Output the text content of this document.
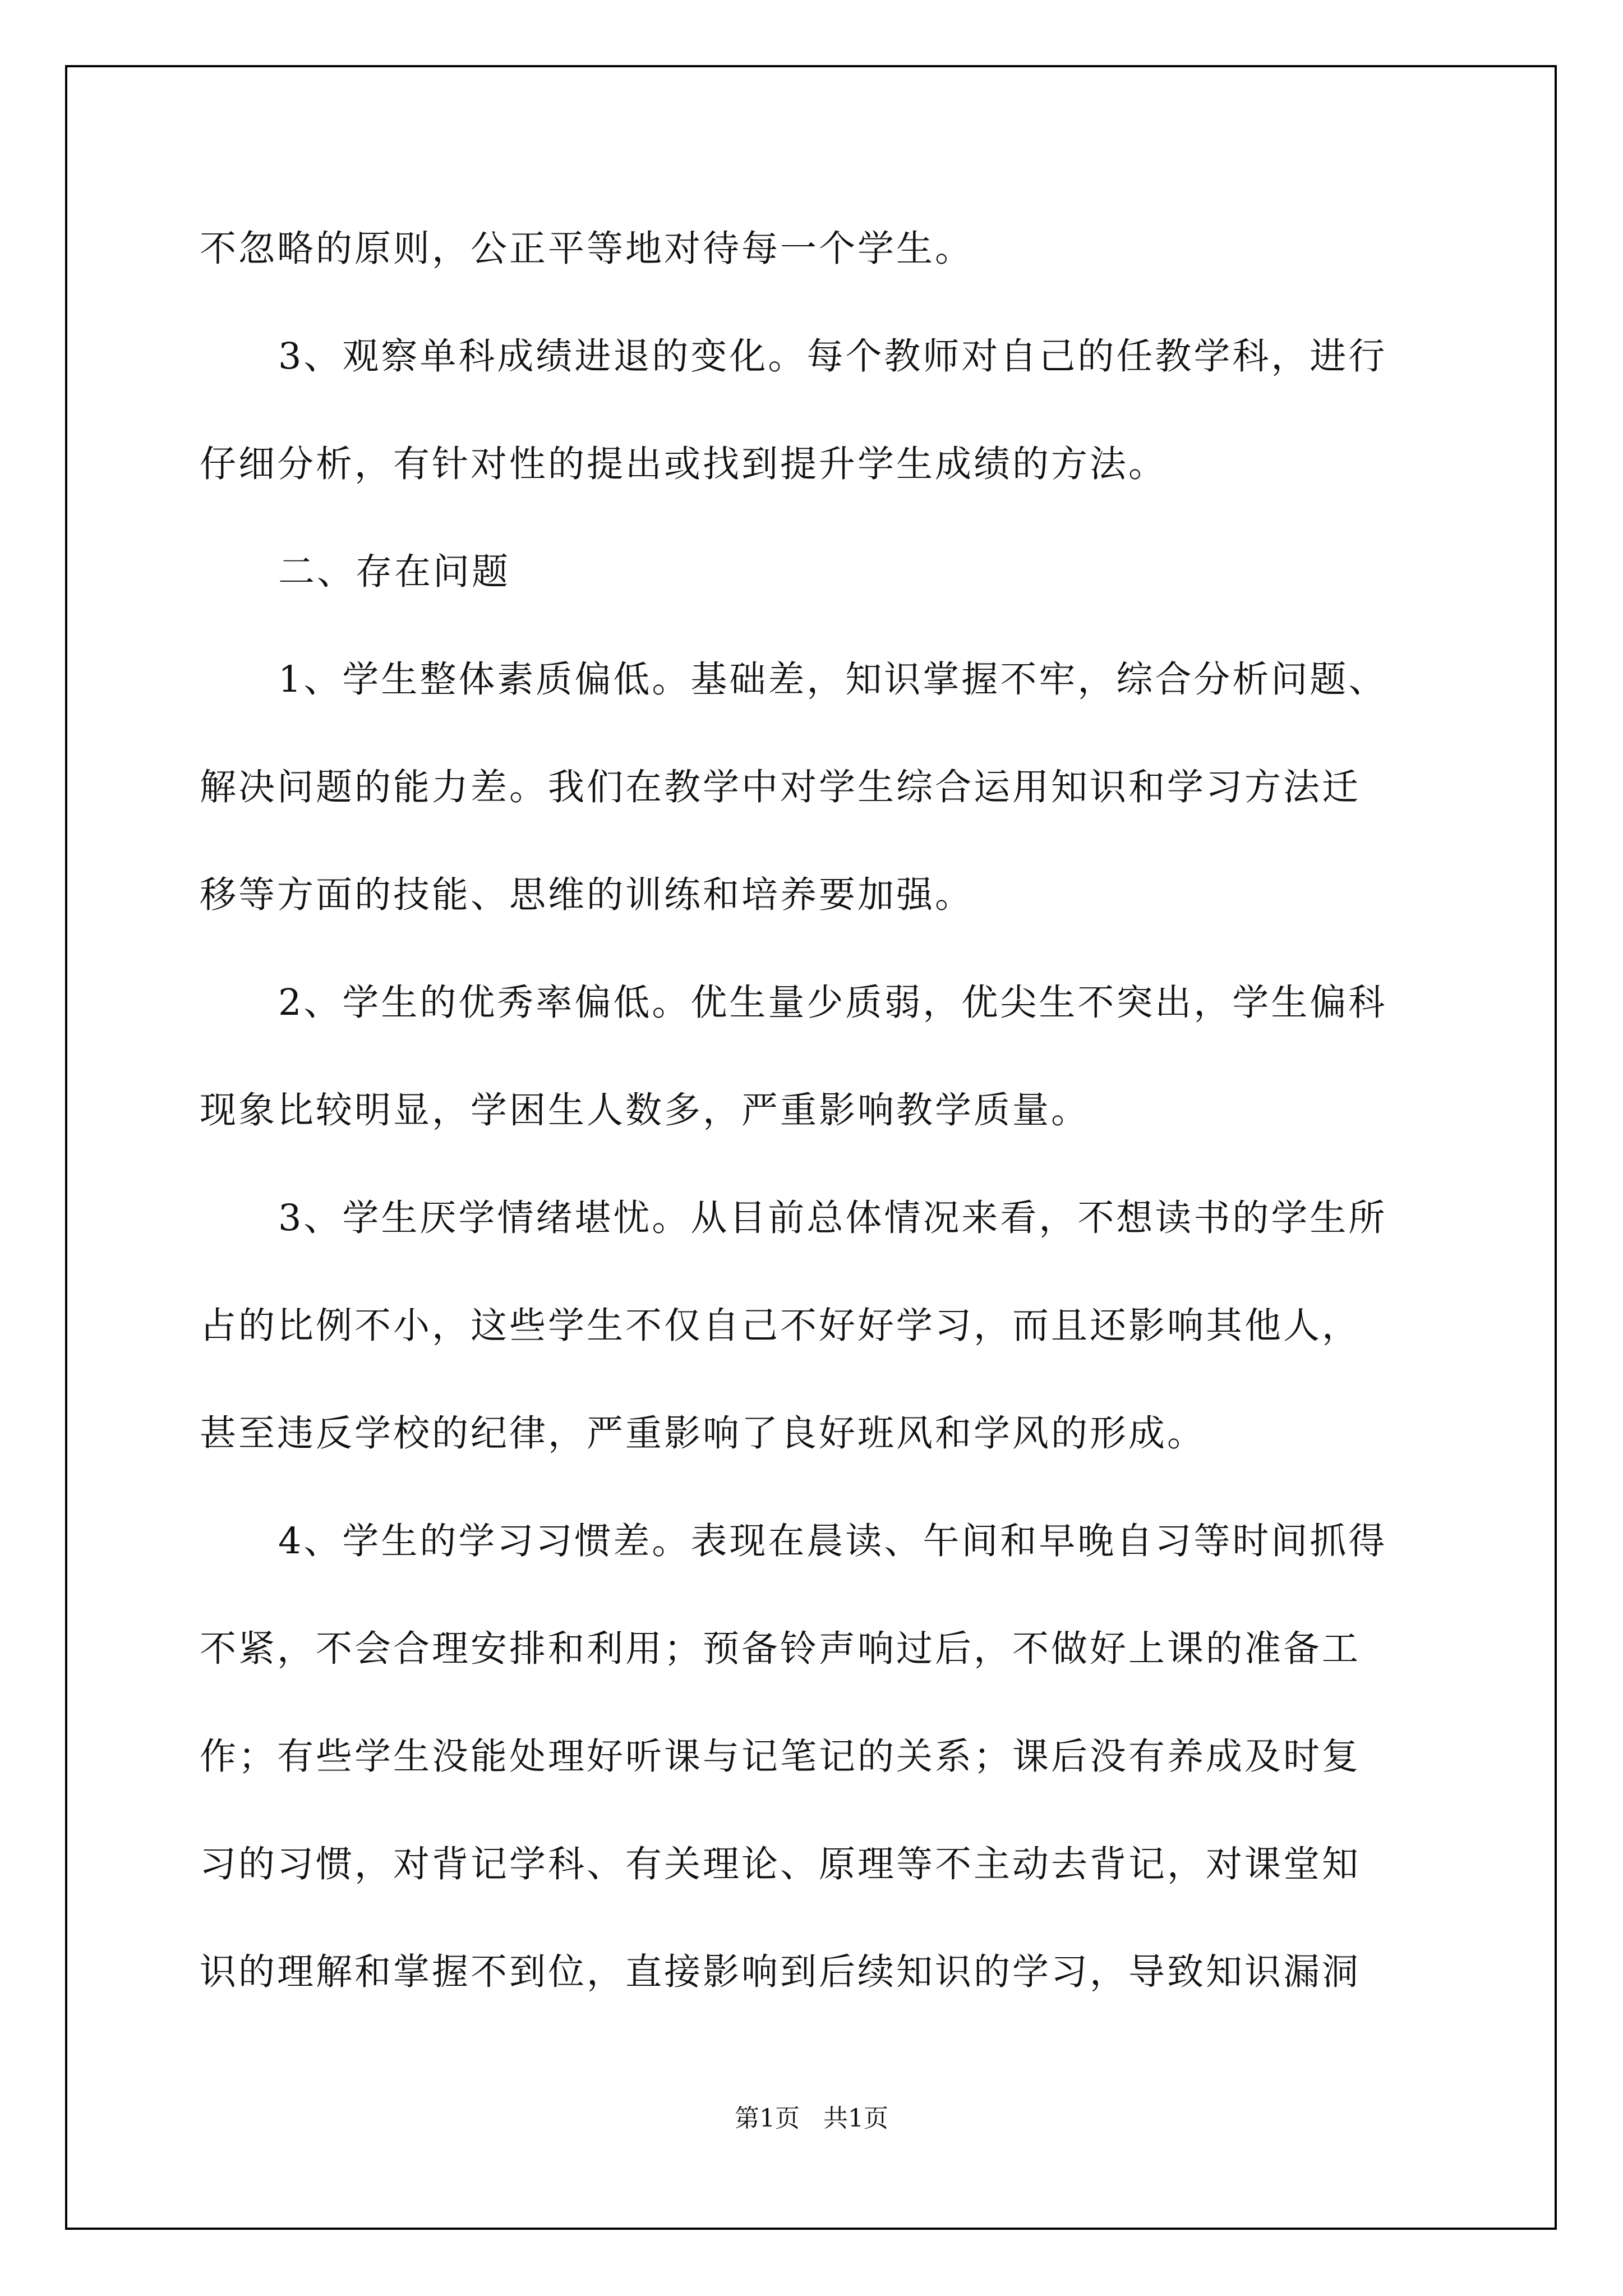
不忽略的原则，公正平等地对待每一个学生。
3、观察单科成绩进退的变化。每个教师对自己的任教学科，进行
仔细分析，有针对性的提出或找到提升学生成绩的方法。
二、存在问题
1、学生整体素质偏低。基础差，知识掌握不牢，综合分析问题、
解决问题的能力差。我们在教学中对学生综合运用知识和学习方法迁
移等方面的技能、思维的训练和培养要加强。
2、学生的优秀率偏低。优生量少质弱，优尖生不突出，学生偏科
现象比较明显，学困生人数多，严重影响教学质量。
3、学生厌学情绪堪忧。从目前总体情况来看，不想读书的学生所
占的比例不小，这些学生不仅自己不好好学习，而且还影响其他人，
甚至违反学校的纪律，严重影响了良好班风和学风的形成。
4、学生的学习习惯差。表现在晨读、午间和早晚自习等时间抓得
不紧，不会合理安排和利用；预备铃声响过后，不做好上课的准备工
作；有些学生没能处理好听课与记笔记的关系；课后没有养成及时复
习的习惯，对背记学科、有关理论、原理等不主动去背记，对课堂知
识的理解和掌握不到位，直接影响到后续知识的学习，导致知识漏洞
第1页   共1页
